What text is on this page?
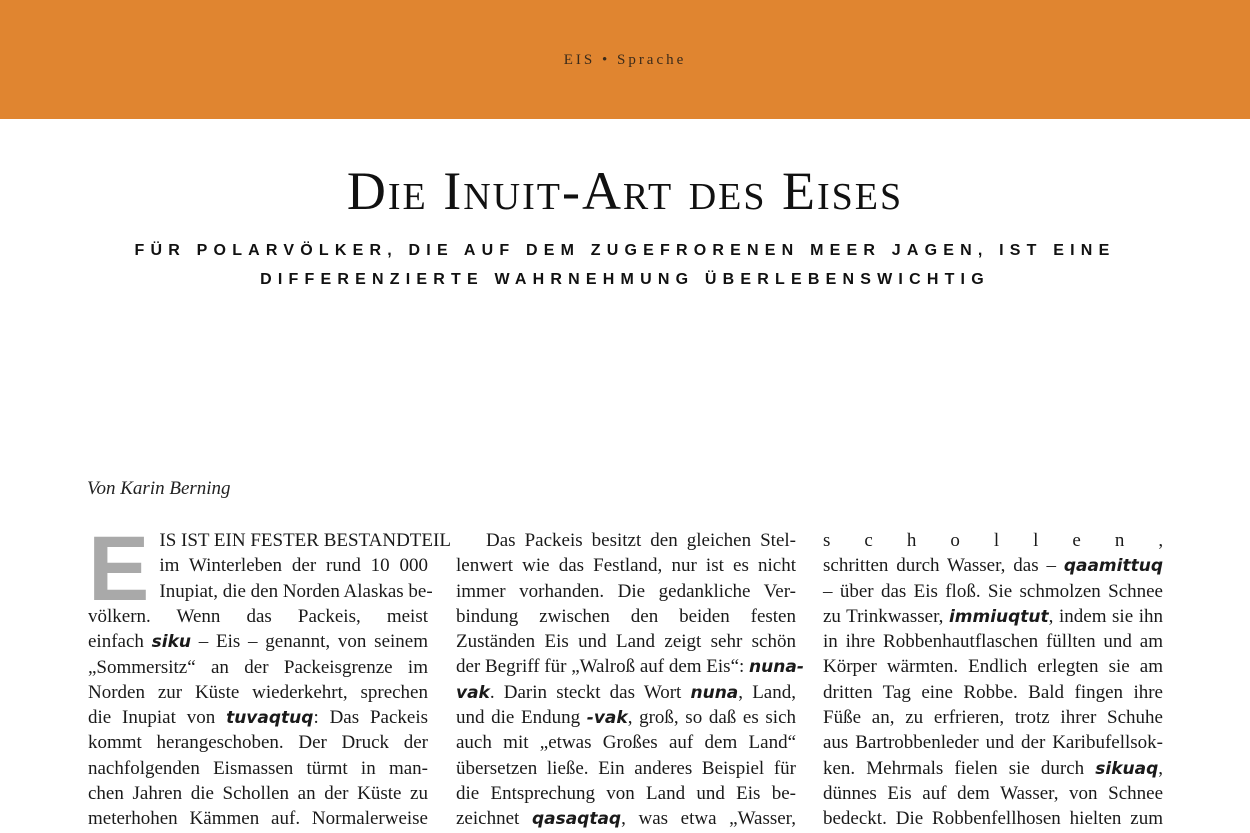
EIS • Sprache
Die Inuit-Art des Eises
FÜR POLARVÖLKER, DIE AUF DEM ZUGEFRORENEN MEER JAGEN, IST EINE
DIFFERENZIERTE WAHRNEHMUNG ÜBERLEBENSWICHTIG
Von Karin Berning
E IS IST EIN FESTER BESTANDTEIL
im Winterleben der rund 10 000
Inupiat, die den Norden Alaskas be-
völkern. Wenn das Packeis, meist
einfach siku – Eis – genannt, von seinem
„Sommersitz“ an der Packeisgrenze im
Norden zur Küste wiederkehrt, sprechen
die Inupiat von tuvaqtuq: Das Packeis
kommt herangeschoben. Der Druck der
nachfolgenden Eismassen türmt in man-
chen Jahren die Schollen an der Küste zu
meterhohen Kämmen auf. Normalerweise
Das Packeis besitzt den gleichen Stel-
lenwert wie das Festland, nur ist es nicht
immer vorhanden. Die gedankliche Ver-
bindung zwischen den beiden festen
Zuständen Eis und Land zeigt sehr schön
der Begriff für „Walroß auf dem Eis“: nuna-
vak. Darin steckt das Wort nuna, Land,
und die Endung -vak, groß, so daß es sich
auch mit „etwas Großes auf dem Land“
übersetzen ließe. Ein anderes Beispiel für
die Entsprechung von Land und Eis be-
zeichnet qasaqtaq, was etwa „Wasser,
schollen,
schritten durch Wasser, das – qaamittuq
– über das Eis floß. Sie schmolzen Schnee
zu Trinkwasser, immiuqtut, indem sie ihn
in ihre Robbenhautflaschen füllten und am
Körper wärmten. Endlich erlegten sie am
dritten Tag eine Robbe. Bald fingen ihre
Füße an, zu erfrieren, trotz ihrer Schuhe
aus Bartrobbenleder und der Karibufellsok-
ken. Mehrmals fielen sie durch sikuaq,
dünnes Eis auf dem Wasser, von Schnee
bedeckt. Die Robbenfellhosen hielten zum
